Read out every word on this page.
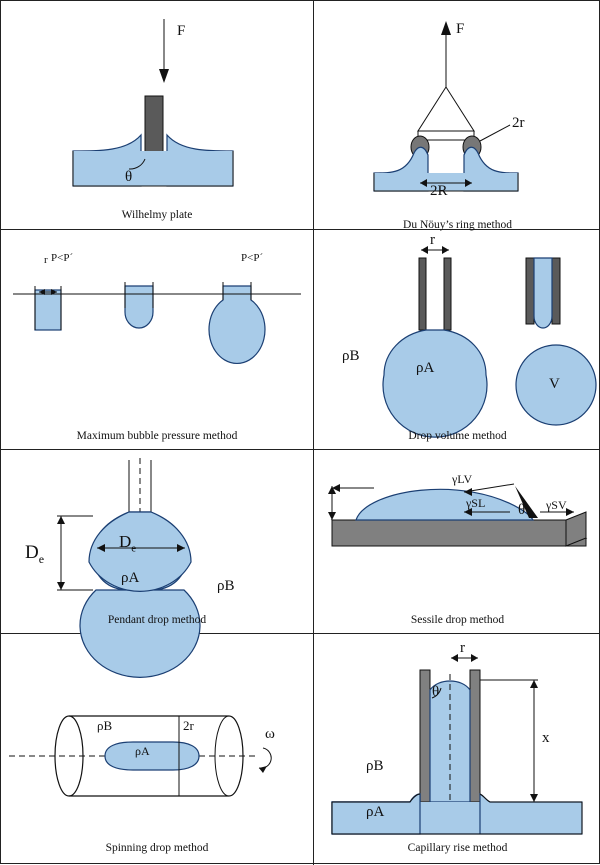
F
θ
Wilhelmy plate
F
2r
2R
Du Nöuy’s ring method
P<P´
r	P<P´
Maximum bubble pressure method
r
ρB
ρA
V
Drop volume method
$D_e$
$D_e$
ρA	ρB
Pendant drop method
γLV
γSL	γSV
θ
Sessile drop method
ρB	2r
ρA
ω
Spinning drop method
r
θ
x
ρB
ρA
Capillary rise method
